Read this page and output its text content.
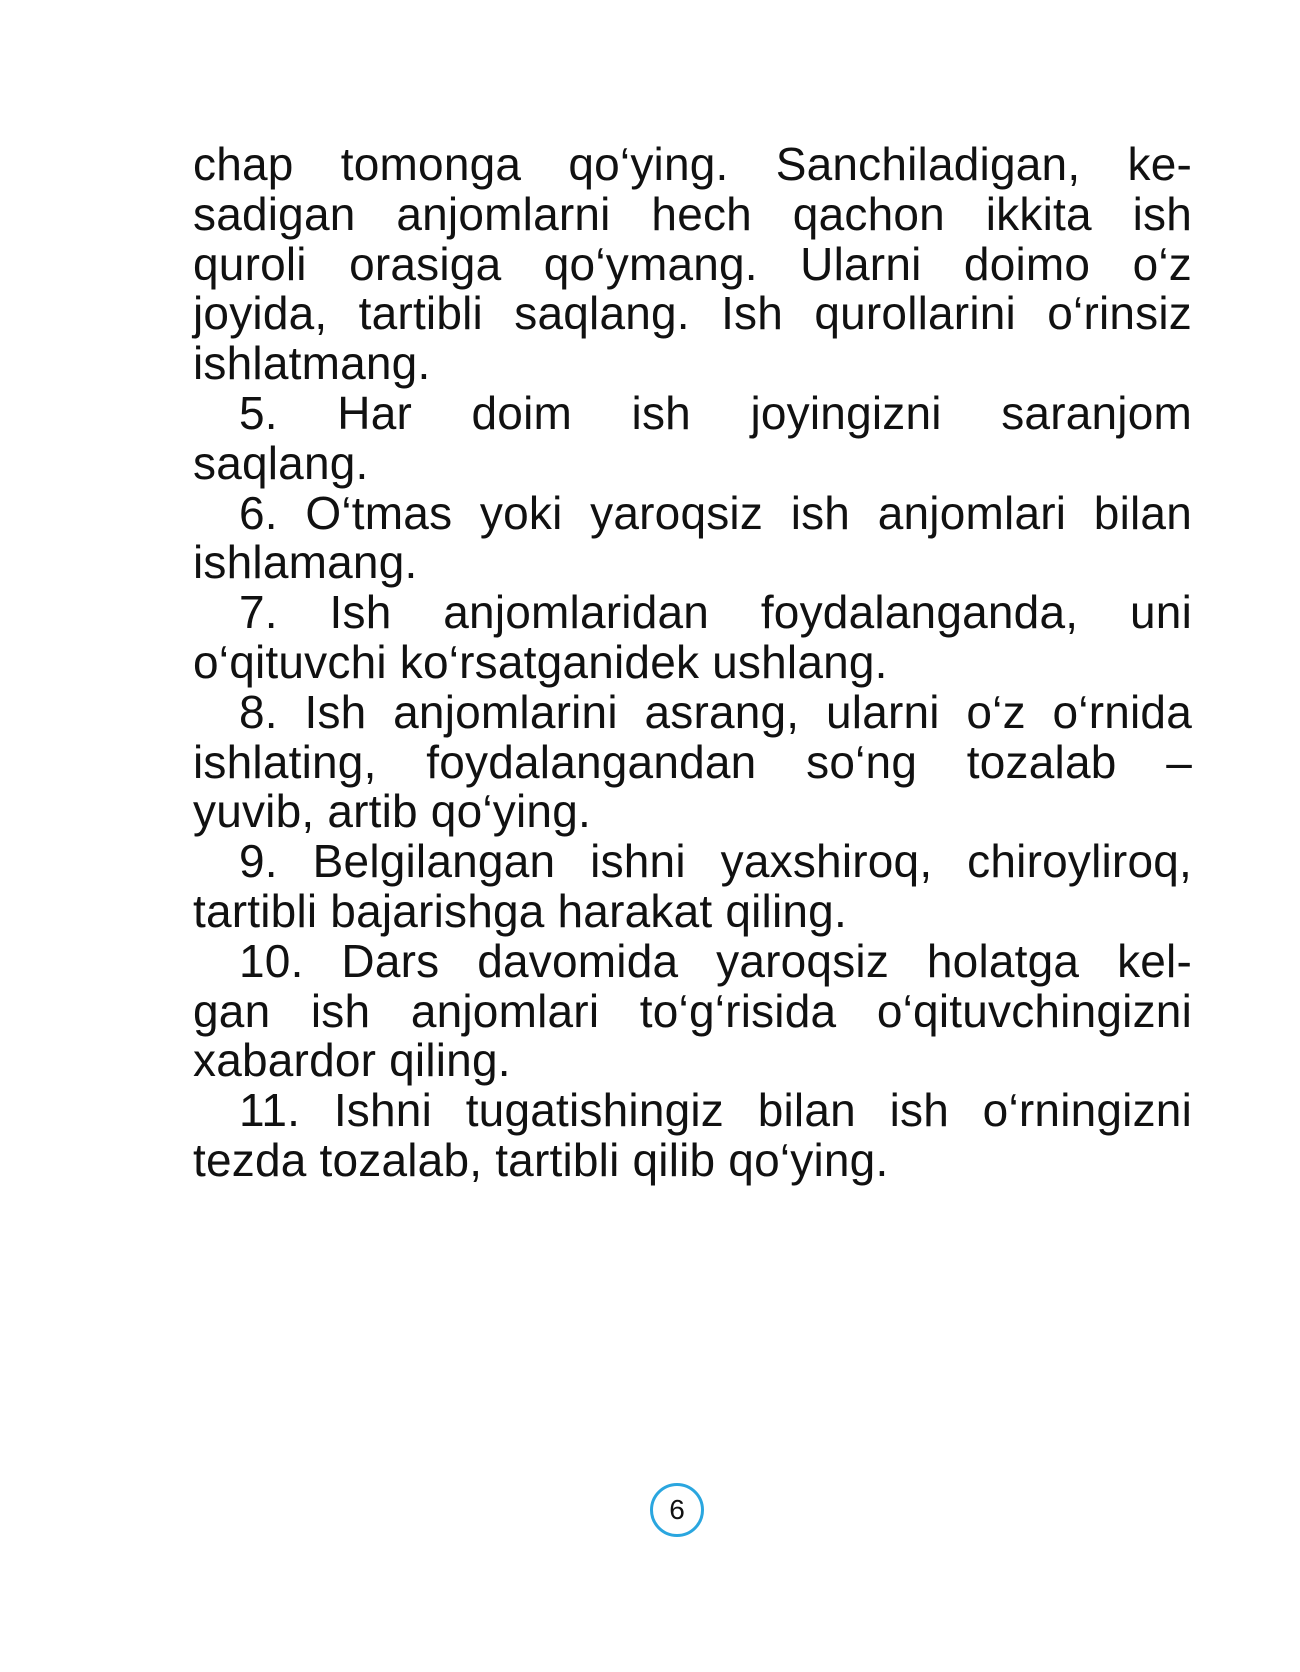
chap tomonga qo‘ying. Sanchiladigan, ke-
sadigan anjomlarni hech qachon ikkita ish
quroli orasiga qo‘ymang. Ularni doimo o‘z
joyida, tartibli saqlang. Ish qurollarini o‘rinsiz
ishlatmang.
5. Har doim ish joyingizni saranjom
saqlang.
6. O‘tmas yoki yaroqsiz ish anjomlari bilan
ishlamang.
7. Ish anjomlaridan foydalanganda, uni
o‘qituvchi ko‘rsatganidek ushlang.
8. Ish anjomlarini asrang, ularni o‘z o‘rnida
ishlating, foydalangandan so‘ng tozalab –
yuvib, artib qo‘ying.
9. Belgilangan ishni yaxshiroq, chiroyliroq,
tartibli bajarishga harakat qiling.
10. Dars davomida yaroqsiz holatga kel-
gan ish anjomlari to‘g‘risida o‘qituvchingizni
xabardor qiling.
11. Ishni tugatishingiz bilan ish o‘rningizni
tezda tozalab, tartibli qilib qo‘ying.
6
